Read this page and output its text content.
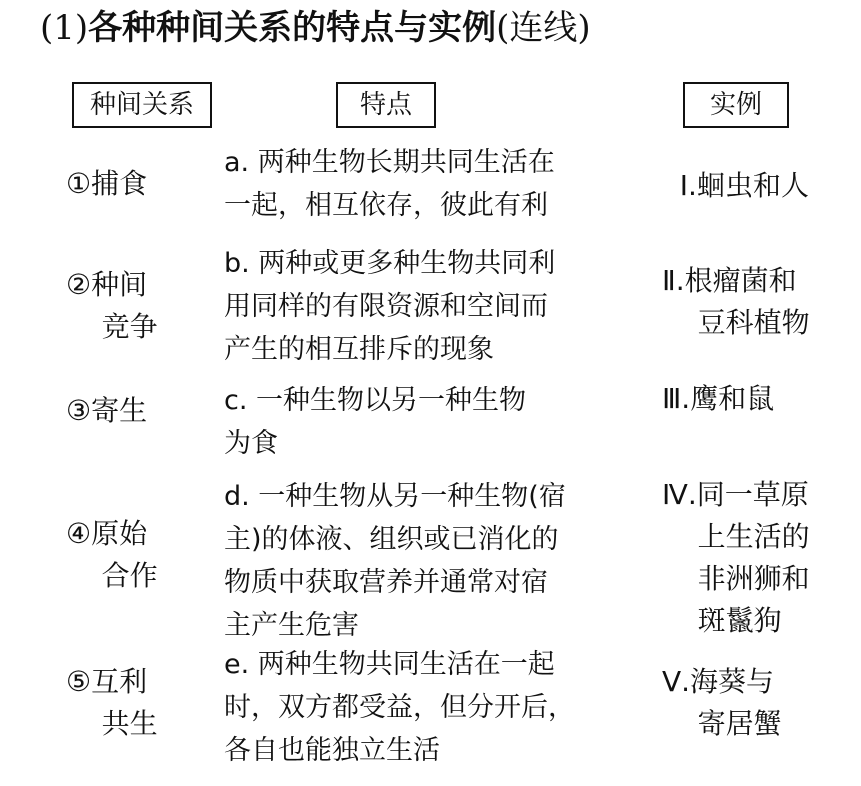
(1)各种种间关系的特点与实例(连线)
种间关系	特点	实例
①捕食
②种间
竞争
③寄生
④原始
合作
⑤互利
共生
a. 两种生物长期共同生活在
一起，相互依存，彼此有利
b. 两种或更多种生物共同利
用同样的有限资源和空间而
产生的相互排斥的现象
c. 一种生物以另一种生物
为食
d. 一种生物从另一种生物(宿
主)的体液、组织或已消化的
物质中获取营养并通常对宿
主产生危害
e. 两种生物共同生活在一起
时，双方都受益，但分开后，
各自也能独立生活
Ⅰ.蛔虫和人
Ⅱ.根瘤菌和
豆科植物
Ⅲ.鹰和鼠
Ⅳ.同一草原
上生活的
非洲狮和
斑鬣狗
Ⅴ.海葵与
寄居蟹
